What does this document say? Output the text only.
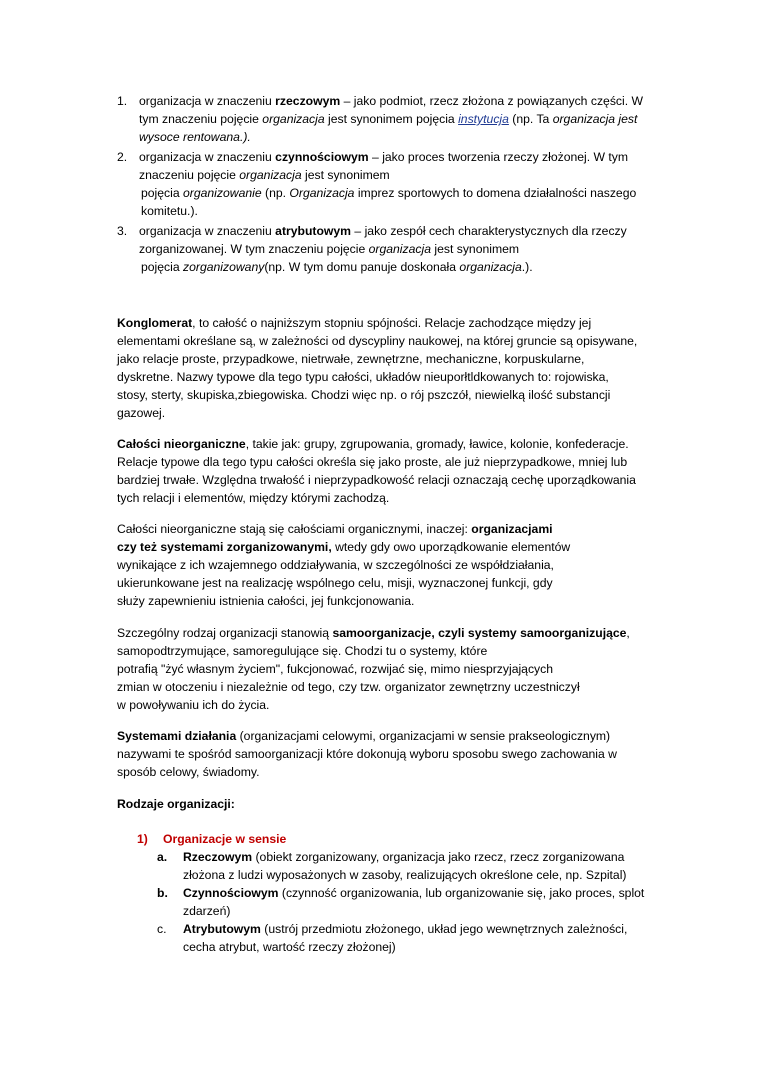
1. organizacja w znaczeniu rzeczowym – jako podmiot, rzecz złożona z powiązanych części. W
tym znaczeniu pojęcie organizacja jest synonimem pojęcia instytucja (np. Ta organizacja jest
wysoce rentowana.).
2. organizacja w znaczeniu czynnościowym – jako proces tworzenia rzeczy złożonej. W tym
znaczeniu pojęcie organizacja jest synonimem
pojęcia organizowanie (np. Organizacja imprez sportowych to domena działalności naszego
komitetu.).
3. organizacja w znaczeniu atrybutowym – jako zespół cech charakterystycznych dla rzeczy
zorganizowanej. W tym znaczeniu pojęcie organizacja jest synonimem
pojęcia zorganizowany(np. W tym domu panuje doskonała organizacja.).
Konglomerat, to całość o najniższym stopniu spójności. Relacje zachodzące między jej
elementami określane są, w zależności od dyscypliny naukowej, na której gruncie są opisywane,
jako relacje proste, przypadkowe, nietrwałe, zewnętrzne, mechaniczne, korpuskularne,
dyskretne. Nazwy typowe dla tego typu całości, układów nieuporłtldkowanych to: rojowiska,
stosy, sterty, skupiska,zbiegowiska. Chodzi więc np. o rój pszczół, niewielką ilość substancji
gazowej.
Całości nieorganiczne, takie jak: grupy, zgrupowania, gromady, ławice, kolonie, konfederacje.
Relacje typowe dla tego typu całości określa się jako proste, ale już nieprzypadkowe, mniej lub
bardziej trwałe. Względna trwałość i nieprzypadkowość relacji oznaczają cechę uporządkowania
tych relacji i elementów, między którymi zachodzą.
Całości nieorganiczne stają się całościami organicznymi, inaczej: organizacjami
czy też systemami zorganizowanymi, wtedy gdy owo uporządkowanie elementów
wynikające z ich wzajemnego oddziaływania, w szczególności ze współdziałania,
ukierunkowane jest na realizację wspólnego celu, misji, wyznaczonej funkcji, gdy
służy zapewnieniu istnienia całości, jej funkcjonowania.
Szczególny rodzaj organizacji stanowią samoorganizacje, czyli systemy samoorganizujące,
samopodtrzymujące, samoregulujące się. Chodzi tu o systemy, które
potrafią "żyć własnym życiem", fukcjonować, rozwijać się, mimo niesprzyjających
zmian w otoczeniu i niezależnie od tego, czy tzw. organizator zewnętrzny uczestniczył
w powoływaniu ich do życia.
Systemami działania (organizacjami celowymi, organizacjami w sensie prakseologicznym)
nazywami te spośród samoorganizacji które dokonują wyboru sposobu swego zachowania w
sposób celowy, świadomy.
Rodzaje organizacji:
1) Organizacje w sensie
a.	Rzeczowym (obiekt zorganizowany, organizacja jako rzecz, rzecz zorganizowana
złożona z ludzi wyposażonych w zasoby, realizujących określone cele, np. Szpital)
b.	Czynnościowym (czynność organizowania, lub organizowanie się, jako proces, splot
zdarzeń)
c.	Atrybutowym (ustrój przedmiotu złożonego, układ jego wewnętrznych zależności,
cecha atrybut, wartość rzeczy złożonej)
